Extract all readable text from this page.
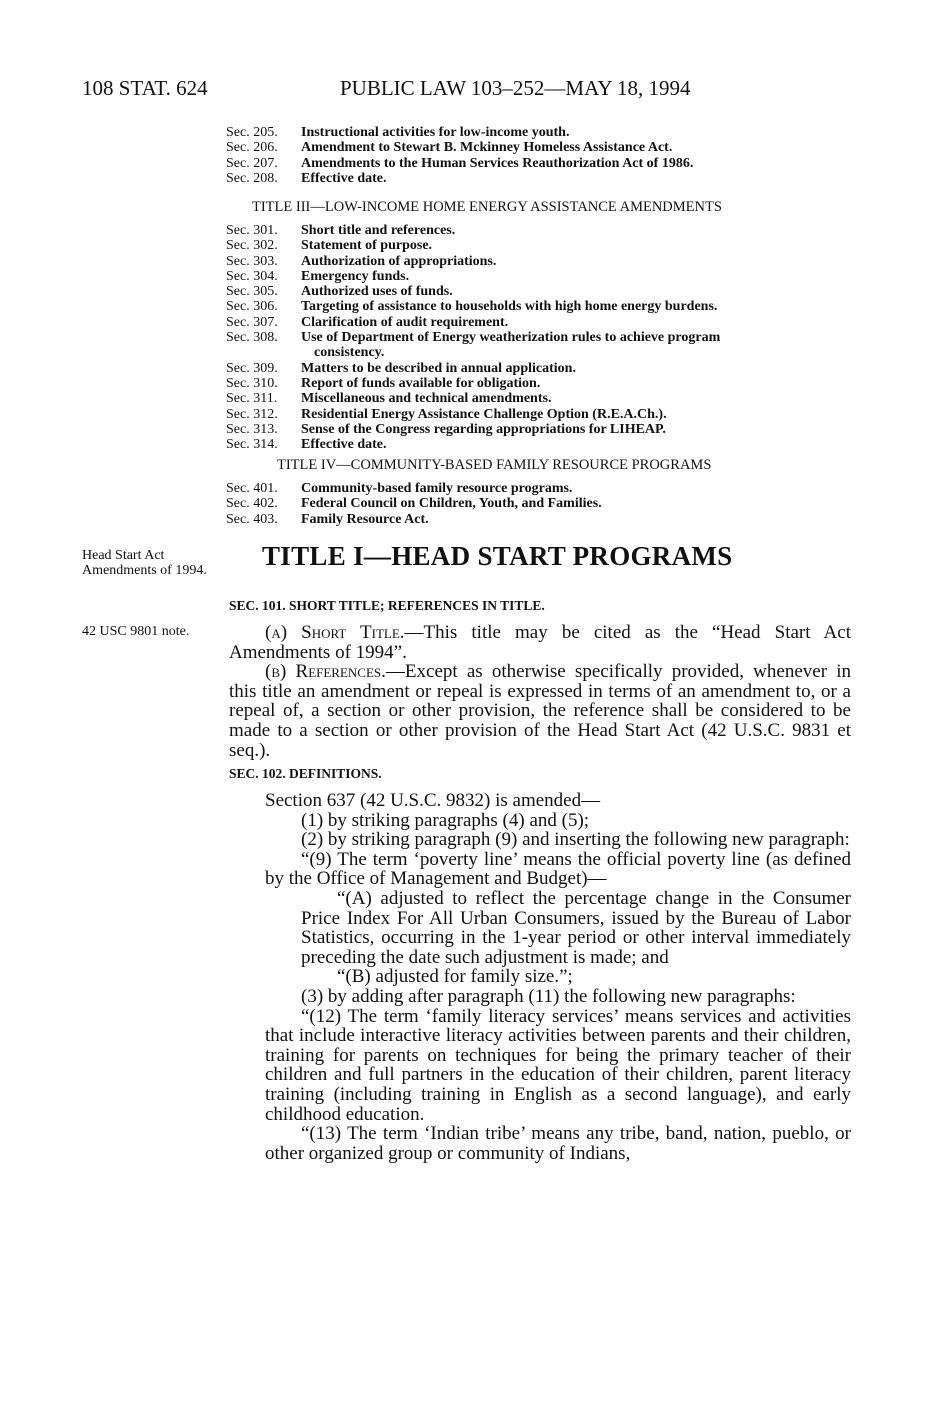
108 STAT. 624	PUBLIC LAW 103–252—MAY 18, 1994
Sec. 205.	Instructional activities for low-income youth.
Sec. 206.	Amendment to Stewart B. Mckinney Homeless Assistance Act.
Sec. 207.	Amendments to the Human Services Reauthorization Act of 1986.
Sec. 208.	Effective date.
TITLE III—LOW-INCOME HOME ENERGY ASSISTANCE AMENDMENTS
Sec. 301.	Short title and references.
Sec. 302.	Statement of purpose.
Sec. 303.	Authorization of appropriations.
Sec. 304.	Emergency funds.
Sec. 305.	Authorized uses of funds.
Sec. 306.	Targeting of assistance to households with high home energy burdens.
Sec. 307.	Clarification of audit requirement.
Sec. 308.	Use of Department of Energy weatherization rules to achieve program
consistency.
Sec. 309.	Matters to be described in annual application.
Sec. 310.	Report of funds available for obligation.
Sec. 311.	Miscellaneous and technical amendments.
Sec. 312.	Residential Energy Assistance Challenge Option (R.E.A.Ch.).
Sec. 313.	Sense of the Congress regarding appropriations for LIHEAP.
Sec. 314.	Effective date.
TITLE IV—COMMUNITY-BASED FAMILY RESOURCE PROGRAMS
Sec. 401.	Community-based family resource programs.
Sec. 402.	Federal Council on Children, Youth, and Families.
Sec. 403.	Family Resource Act.
Head Start Act Amendments of 1994.
42 USC 9801 note.
TITLE I—HEAD START PROGRAMS
SEC. 101. SHORT TITLE; REFERENCES IN TITLE.

(a) Short Title.—This title may be cited as the “Head Start Act Amendments of 1994”.

(b) References.—Except as otherwise specifically provided, whenever in this title an amendment or repeal is expressed in terms of an amendment to, or a repeal of, a section or other provision, the reference shall be considered to be made to a section or other provision of the Head Start Act (42 U.S.C. 9831 et seq.).

SEC. 102. DEFINITIONS.

Section 637 (42 U.S.C. 9832) is amended—

(1) by striking paragraphs (4) and (5);

(2) by striking paragraph (9) and inserting the following new paragraph:

“(9) The term ‘poverty line’ means the official poverty line (as defined by the Office of Management and Budget)—

“(A) adjusted to reflect the percentage change in the Consumer Price Index For All Urban Consumers, issued by the Bureau of Labor Statistics, occurring in the 1-year period or other interval immediately preceding the date such adjustment is made; and

“(B) adjusted for family size.”;

(3) by adding after paragraph (11) the following new paragraphs:

“(12) The term ‘family literacy services’ means services and activities that include interactive literacy activities between parents and their children, training for parents on techniques for being the primary teacher of their children and full partners in the education of their children, parent literacy training (including training in English as a second language), and early childhood education.

“(13) The term ‘Indian tribe’ means any tribe, band, nation, pueblo, or other organized group or community of Indians,
